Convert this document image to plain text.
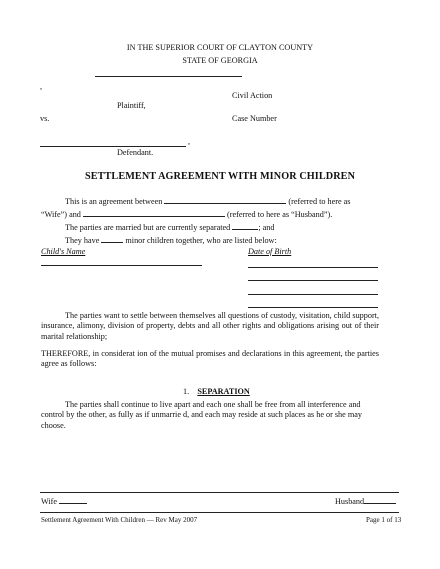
IN THE SUPERIOR COURT OF CLAYTON COUNTY
STATE OF GEORGIA
,
Civil Action
Plaintiff,
vs.	Case Number
,
Defendant.
SETTLEMENT AGREEMENT WITH MINOR CHILDREN
This is an agreement between	(referred to here as
“Wife”) and	(referred to here as “Husband”).
The parties are married but are currently separated	; and
They have	minor children together, who are listed below:
Child's Name	Date of Birth
The parties want to settle between themselves all questions of custody, visitation, child support, insurance, alimony, division of property, debts and all other rights and obligations arising out of their marital relationship;
THEREFORE, in considerat ion of the mutual promises and declarations in this agreement, the parties agree as follows:
1. SEPARATION
The parties shall continue to live apart and each one shall be free from all interference and control by the other, as fully as if unmarrie d, and each may reside at such places as he or she may choose.
Wife	Husband
Settlement Agreement With Children — Rev May 2007	Page 1 of 13
